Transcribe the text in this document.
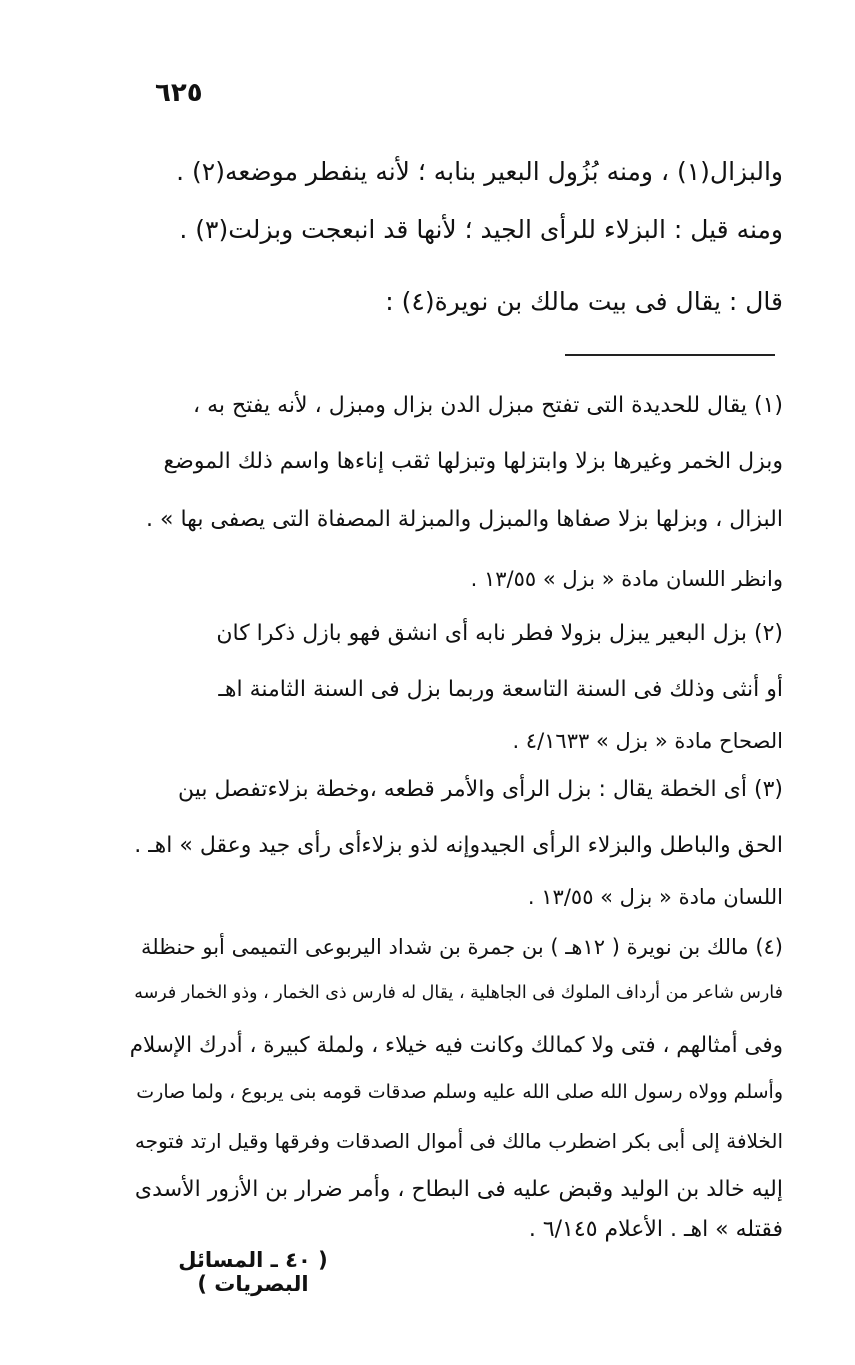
٦٢٥
والبزال(١) ، ومنه بُزُول البعير بنابه ؛ لأنه ينفطر موضعه(٢) .
ومنه قيل : البزلاء للرأى الجيد ؛ لأنها قد انبعجت وبزلت(٣) .
قال : يقال فى بيت مالك بن نويرة(٤) :
(١) يقال للحديدة التى تفتح مبزل الدن بزال ومبزل ، لأنه يفتح به ،
وبزل الخمر وغيرها بزلا وابتزلها وتبزلها ثقب إناءها واسم ذلك الموضع
البزال ، وبزلها بزلا صفاها والمبزل والمبزلة المصفاة التى يصفى بها » .
وانظر اللسان مادة « بزل » ١٣/٥٥ .
(٢) بزل البعير يبزل بزولا فطر نابه أى انشق فهو بازل ذكرا كان
أو أنثى وذلك فى السنة التاسعة وربما بزل فى السنة الثامنة اهـ
الصحاح مادة « بزل » ٤/١٦٣٣ .
(٣) أى الخطة يقال : بزل الرأى والأمر قطعه ،وخطة بزلاءتفصل بين
الحق والباطل والبزلاء الرأى الجيدوإنه لذو بزلاءأى رأى جيد وعقل » اهـ .
اللسان مادة « بزل » ١٣/٥٥ .
(٤) مالك بن نويرة ( ١٢هـ ) بن جمرة بن شداد اليربوعى التميمى أبو حنظلة
فارس شاعر من أرداف الملوك فى الجاهلية ، يقال له فارس ذى الخمار ، وذو الخمار فرسه
وفى أمثالهم ، فتى ولا كمالك وكانت فيه خيلاء ، ولملة كبيرة ، أدرك الإسلام
وأسلم وولاه رسول الله صلى الله عليه وسلم صدقات قومه بنى يربوع ، ولما صارت
الخلافة إلى أبى بكر اضطرب مالك فى أموال الصدقات وفرقها وقيل ارتد فتوجه
إليه خالد بن الوليد وقبض عليه فى البطاح ، وأمر ضرار بن الأزور الأسدى
فقتله » اهـ . الأعلام ٦/١٤٥ .
( ٤٠ ـ المسائل البصريات )
